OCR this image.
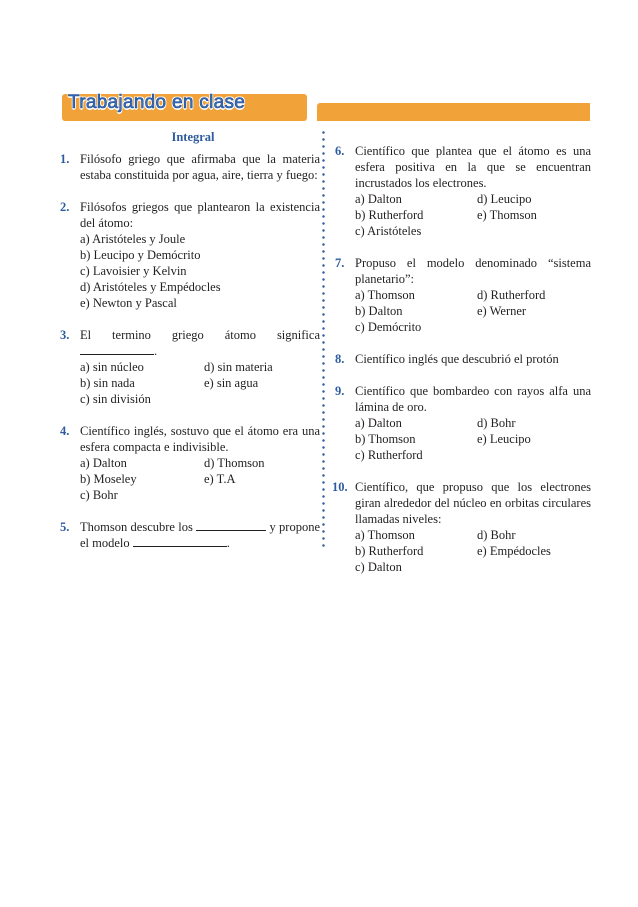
Trabajando en clase
Integral
1. Filósofo griego que afirmaba que la materia estaba constituida por agua, aire, tierra y fuego:
2. Filósofos griegos que plantearon la existencia del átomo:
a) Aristóteles y Joule
b) Leucipo y Demócrito
c) Lavoisier y Kelvin
d) Aristóteles y Empédocles
e) Newton y Pascal
3. El termino griego átomo significa .
a) sin núcleo	d) sin materia
b) sin nada	e) sin agua
c) sin división
4. Científico inglés, sostuvo que el átomo era una esfera compacta e indivisible.
a) Dalton	d) Thomson
b) Moseley	e) T.A
c) Bohr
5. Thomson descubre los	y propone el modelo	.
6. Científico que plantea que el átomo es una esfera positiva en la que se encuentran incrustados los electrones.
a) Dalton	d) Leucipo
b) Rutherford	e) Thomson
c) Aristóteles
7. Propuso el modelo denominado “sistema planetario”:
a) Thomson	d) Rutherford
b) Dalton	e) Werner
c) Demócrito
8. Científico inglés que descubrió el protón
9. Científico que bombardeo con rayos alfa una lámina de oro.
a) Dalton	d) Bohr
b) Thomson	e) Leucipo
c) Rutherford
10. Científico, que propuso que los electrones giran alrededor del núcleo en orbitas circulares llamadas niveles:
a) Thomson	d) Bohr
b) Rutherford	e) Empédocles
c) Dalton
